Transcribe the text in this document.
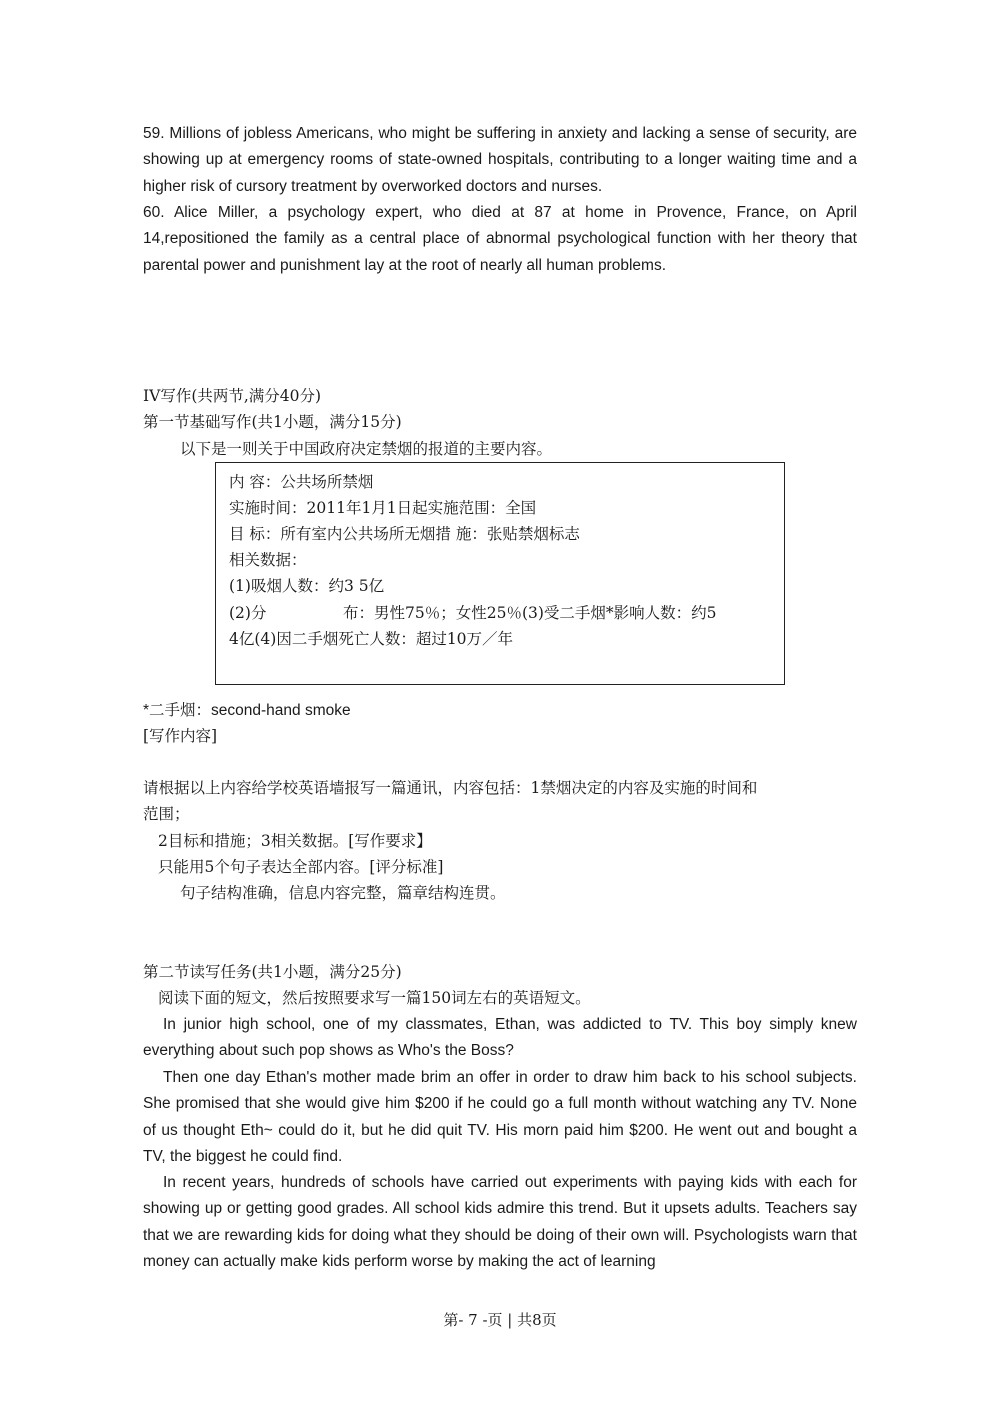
59. Millions of jobless Americans, who might be suffering in anxiety and lacking a sense of security, are showing up at emergency rooms of state-owned hospitals, contributing to a longer waiting time and a higher risk of cursory treatment by overworked doctors and nurses.
60. Alice Miller, a psychology expert, who died at 87 at home in Provence, France, on April 14,repositioned the family as a central place of abnormal psychological function with her theory that parental power and punishment lay at the root of nearly all human problems.
IV写作(共两节,满分40分)
第一节基础写作(共1小题，满分15分)
以下是一则关于中国政府决定禁烟的报道的主要内容。
内 容：公共场所禁烟
实施时间：2011年1月1日起实施范围：全国
目 标：所有室内公共场所无烟措 施：张贴禁烟标志
相关数据：
(1)吸烟人数：约3 5亿
(2)分	布：男性75％；女性25％(3)受二手烟*影响人数：约5
4亿(4)因二手烟死亡人数：超过10万／年
*二手烟：second-hand smoke
[写作内容]
请根据以上内容给学校英语墙报写一篇通讯，内容包括：1禁烟决定的内容及实施的时间和
范围；
2目标和措施；3相关数据。[写作要求】
只能用5个句子表达全部内容。[评分标准]
句子结构准确，信息内容完整，篇章结构连贯。
第二节读写任务(共1小题，满分25分)
阅读下面的短文，然后按照要求写一篇150词左右的英语短文。
In junior high school, one of my classmates, Ethan, was addicted to TV. This boy simply knew everything about such pop shows as Who's the Boss?
Then one day Ethan's mother made brim an offer in order to draw him back to his school subjects. She promised that she would give him $200 if he could go a full month without watching any TV. None of us thought Eth~ could do it, but he did quit TV. His morn paid him $200. He went out and bought a TV, the biggest he could find.
In recent years, hundreds of schools have carried out experiments with paying kids with each for showing up or getting good grades. All school kids admire this trend. But it upsets adults. Teachers say that we are rewarding kids for doing what they should be doing of their own will. Psychologists warn that money can actually make kids perform worse by making the act of learning
第- 7 -页 | 共8页
